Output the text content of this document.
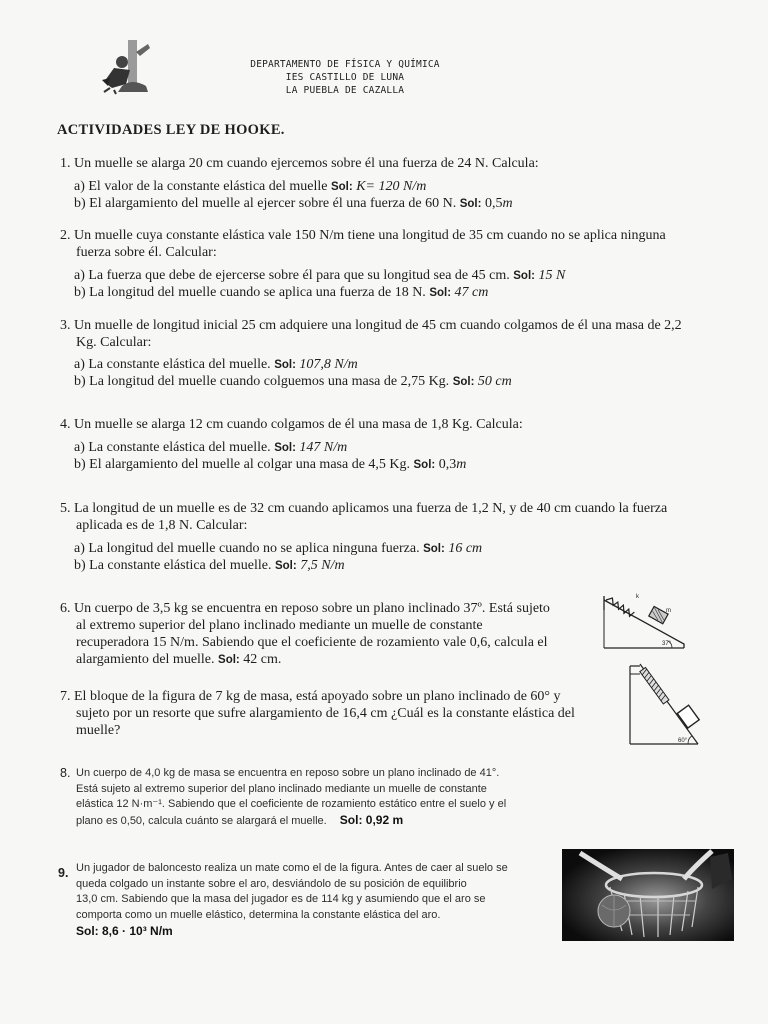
DEPARTAMENTO DE FÍSICA Y QUÍMICA
IES CASTILLO DE LUNA
LA PUEBLA DE CAZALLA
ACTIVIDADES LEY DE HOOKE.
1. Un muelle se alarga 20 cm cuando ejercemos sobre él una fuerza de 24 N. Calcula:
a) El valor de la constante elástica del muelle Sol: K= 120 N/m
b) El alargamiento del muelle al ejercer sobre él una fuerza de 60 N. Sol: 0,5m
2. Un muelle cuya constante elástica vale 150 N/m tiene una longitud de 35 cm cuando no se aplica ninguna
fuerza sobre él. Calcular:
a) La fuerza que debe de ejercerse sobre él para que su longitud sea de 45 cm. Sol: 15 N
b) La longitud del muelle cuando se aplica una fuerza de 18 N. Sol: 47 cm
3. Un muelle de longitud inicial 25 cm adquiere una longitud de 45 cm cuando colgamos de él una masa de 2,2
Kg. Calcular:
a) La constante elástica del muelle. Sol: 107,8 N/m
b) La longitud del muelle cuando colguemos una masa de 2,75 Kg. Sol: 50 cm
4. Un muelle se alarga 12 cm cuando colgamos de él una masa de 1,8 Kg. Calcula:
a) La constante elástica del muelle. Sol: 147 N/m
b) El alargamiento del muelle al colgar una masa de 4,5 Kg. Sol: 0,3m
5. La longitud de un muelle es de 32 cm cuando aplicamos una fuerza de 1,2 N, y de 40 cm cuando la fuerza
aplicada es de 1,8 N. Calcular:
a) La longitud del muelle cuando no se aplica ninguna fuerza. Sol: 16 cm
b) La constante elástica del muelle. Sol: 7,5 N/m
6. Un cuerpo de 3,5 kg se encuentra en reposo sobre un plano inclinado 37º. Está sujeto
al extremo superior del plano inclinado mediante un muelle de constante
recuperadora 15 N/m. Sabiendo que el coeficiente de rozamiento vale 0,6, calcula el
alargamiento del muelle. Sol: 42 cm.
k
m
37°
7. El bloque de la figura de 7 kg de masa, está apoyado sobre un plano inclinado de 60° y
sujeto por un resorte que sufre alargamiento de 16,4 cm ¿Cuál es la constante elástica del
muelle?
60°
8. Un cuerpo de 4,0 kg de masa se encuentra en reposo sobre un plano inclinado de 41°.
Está sujeto al extremo superior del plano inclinado mediante un muelle de constante
elástica 12 N·m⁻¹. Sabiendo que el coeficiente de rozamiento estático entre el suelo y el
plano es 0,50, calcula cuánto se alargará el muelle. Sol: 0,92 m
9. Un jugador de baloncesto realiza un mate como el de la figura. Antes de caer al suelo se
queda colgado un instante sobre el aro, desviándolo de su posición de equilibrio
13,0 cm. Sabiendo que la masa del jugador es de 114 kg y asumiendo que el aro se
comporta como un muelle elástico, determina la constante elástica del aro.
Sol: 8,6 · 10³ N/m
